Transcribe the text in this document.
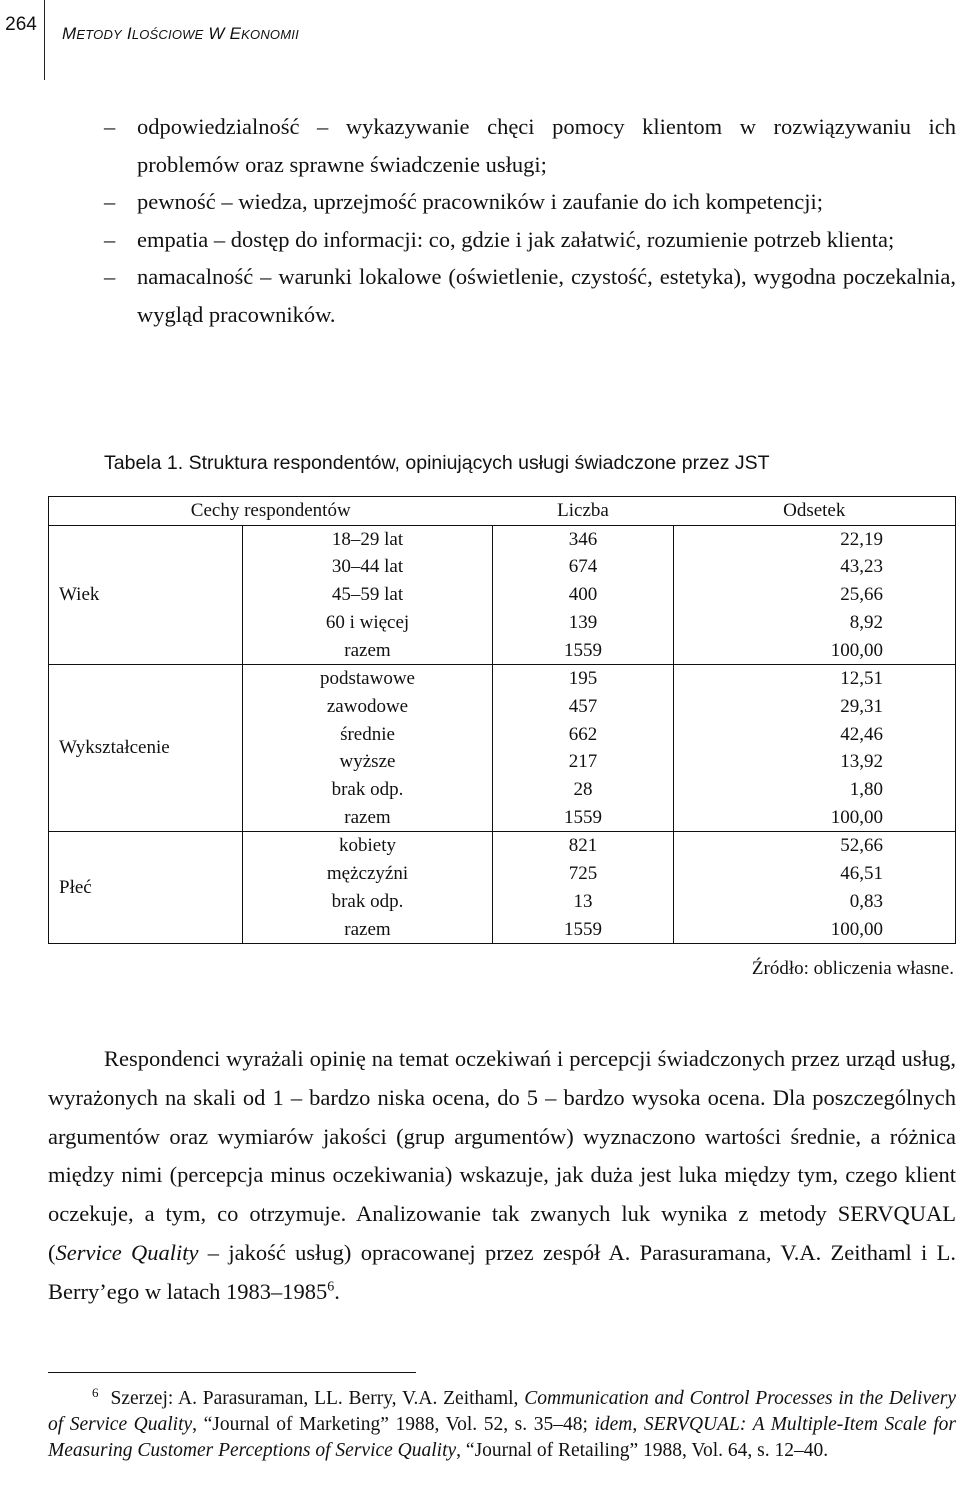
264	METODY ILOŚCIOWE W EKONOMII
– odpowiedzialność – wykazywanie chęci pomocy klientom w rozwiązywaniu ich problemów oraz sprawne świadczenie usługi;
– pewność – wiedza, uprzejmość pracowników i zaufanie do ich kompetencji;
– empatia – dostęp do informacji: co, gdzie i jak załatwić, rozumienie potrzeb klienta;
– namacalność – warunki lokalowe (oświetlenie, czystość, estetyka), wygodna poczekalnia, wygląd pracowników.
Tabela 1. Struktura respondentów, opiniujących usługi świadczone przez JST
Cechy respondentów		Liczba	Odsetek
Wiek	18–29 lat	346	22,19
	30–44 lat	674	43,23
	45–59 lat	400	25,66
	60 i więcej	139	8,92
	razem	1559	100,00
Wykształcenie	podstawowe	195	12,51
	zawodowe	457	29,31
	średnie	662	42,46
	wyższe	217	13,92
	brak odp.	28	1,80
	razem	1559	100,00
Płeć	kobiety	821	52,66
	mężczyźni	725	46,51
	brak odp.	13	0,83
	razem	1559	100,00
Źródło: obliczenia własne.
Respondenci wyrażali opinię na temat oczekiwań i percepcji świadczonych przez urząd usług, wyrażonych na skali od 1 – bardzo niska ocena, do 5 – bardzo wysoka ocena. Dla poszczególnych argumentów oraz wymiarów jakości (grup argumentów) wyznaczono wartości średnie, a różnica między nimi (percepcja minus oczekiwania) wskazuje, jak duża jest luka między tym, czego klient oczekuje, a tym, co otrzymuje. Analizowanie tak zwanych luk wynika z metody SERVQUAL (Service Quality – jakość usług) opracowanej przez zespół A. Parasuramana, V.A. Zeithaml i L. Berry’ego w latach 1983–1985$^6$.
$^6$ Szerzej: A. Parasuraman, LL. Berry, V.A. Zeithaml, Communication and Control Processes in the Delivery of Service Quality, “Journal of Marketing” 1988, Vol. 52, s. 35–48; idem, SERVQUAL: A Multiple-Item Scale for Measuring Customer Perceptions of Service Quality, “Journal of Retailing” 1988, Vol. 64, s. 12–40.
